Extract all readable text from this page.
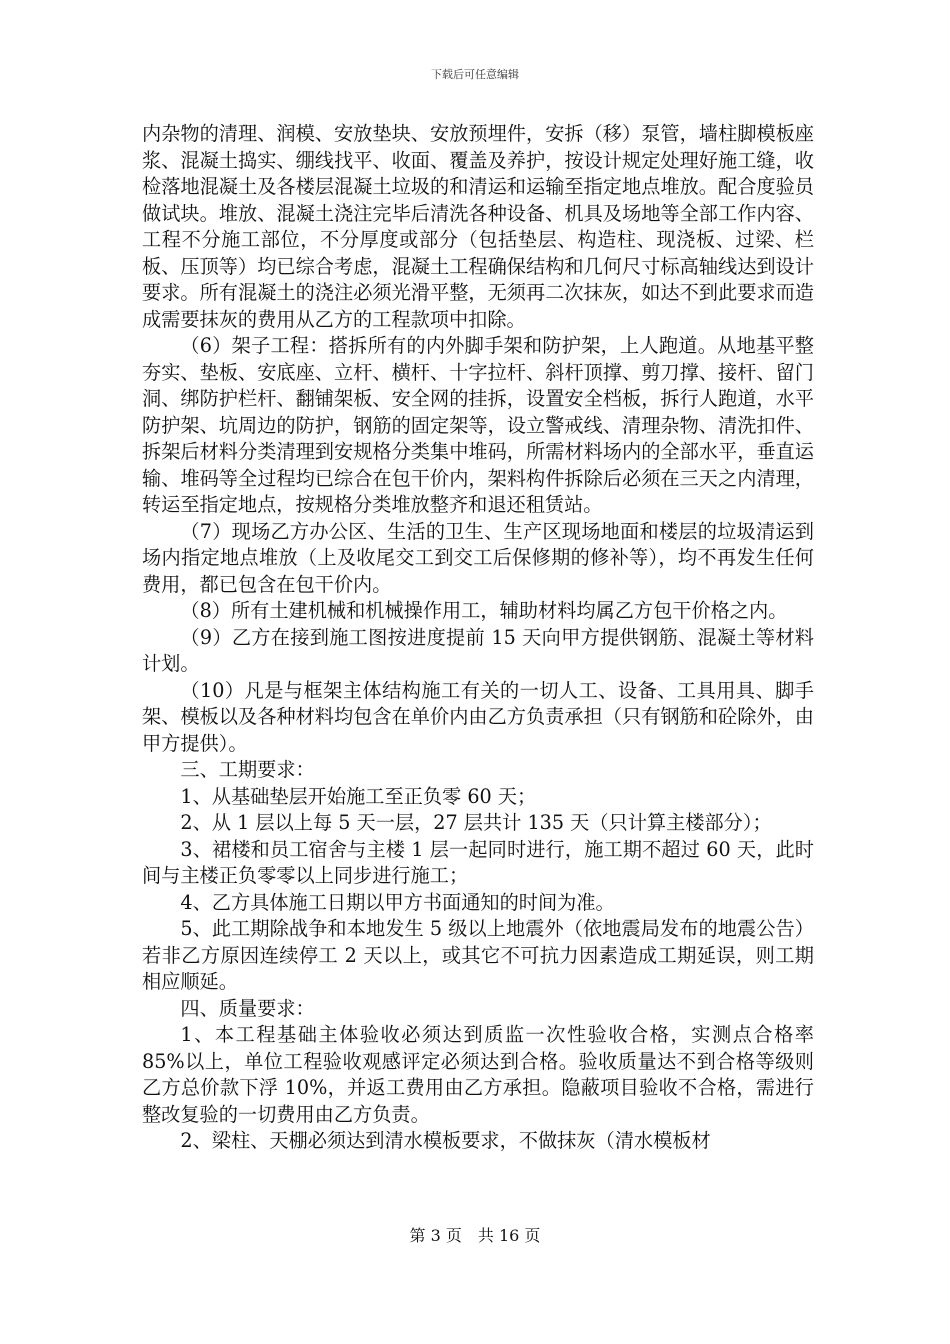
下载后可任意编辑

内杂物的清理、润模、安放垫块、安放预埋件，安拆（移）泵管，墙柱脚模板座浆、混凝土捣实、绷线找平、收面、覆盖及养护，按设计规定处理好施工缝，收检落地混凝土及各楼层混凝土垃圾的和清运和运输至指定地点堆放。配合度验员做试块。堆放、混凝土浇注完毕后清洗各种设备、机具及场地等全部工作内容、工程不分施工部位，不分厚度或部分（包括垫层、构造柱、现浇板、过梁、栏板、压顶等）均已综合考虑，混凝土工程确保结构和几何尺寸标高轴线达到设计要求。所有混凝土的浇注必须光滑平整，无须再二次抹灰，如达不到此要求而造成需要抹灰的费用从乙方的工程款项中扣除。

（6）架子工程：搭拆所有的内外脚手架和防护架，上人跑道。从地基平整夯实、垫板、安底座、立杆、横杆、十字拉杆、斜杆顶撑、剪刀撑、接杆、留门洞、绑防护栏杆、翻铺架板、安全网的挂拆，设置安全档板，拆行人跑道，水平防护架、坑周边的防护，钢筋的固定架等，设立警戒线、清理杂物、清洗扣件、拆架后材料分类清理到安规格分类集中堆码，所需材料场内的全部水平，垂直运输、堆码等全过程均已综合在包干价内，架料构件拆除后必须在三天之内清理，转运至指定地点，按规格分类堆放整齐和退还租赁站。

（7）现场乙方办公区、生活的卫生、生产区现场地面和楼层的垃圾清运到场内指定地点堆放（上及收尾交工到交工后保修期的修补等），均不再发生任何费用，都已包含在包干价内。

（8）所有土建机械和机械操作用工，辅助材料均属乙方包干价格之内。

（9）乙方在接到施工图按进度提前 15 天向甲方提供钢筋、混凝土等材料计划。

（10）凡是与框架主体结构施工有关的一切人工、设备、工具用具、脚手架、模板以及各种材料均包含在单价内由乙方负责承担（只有钢筋和砼除外，由甲方提供）。

三、工期要求：

1、从基础垫层开始施工至正负零 60 天；

2、从 1 层以上每 5 天一层，27 层共计 135 天（只计算主楼部分）；

3、裙楼和员工宿舍与主楼 1 层一起同时进行，施工期不超过 60 天，此时间与主楼正负零零以上同步进行施工；

4、乙方具体施工日期以甲方书面通知的时间为准。

5、此工期除战争和本地发生 5 级以上地震外（依地震局发布的地震公告）若非乙方原因连续停工 2 天以上，或其它不可抗力因素造成工期延误，则工期相应顺延。

四、质量要求：

1、本工程基础主体验收必须达到质监一次性验收合格，实测点合格率 85%以上，单位工程验收观感评定必须达到合格。验收质量达不到合格等级则乙方总价款下浮 10%，并返工费用由乙方承担。隐蔽项目验收不合格，需进行整改复验的一切费用由乙方负责。

2、梁柱、天棚必须达到清水模板要求，不做抹灰（清水模板材

第 3 页　共 16 页
